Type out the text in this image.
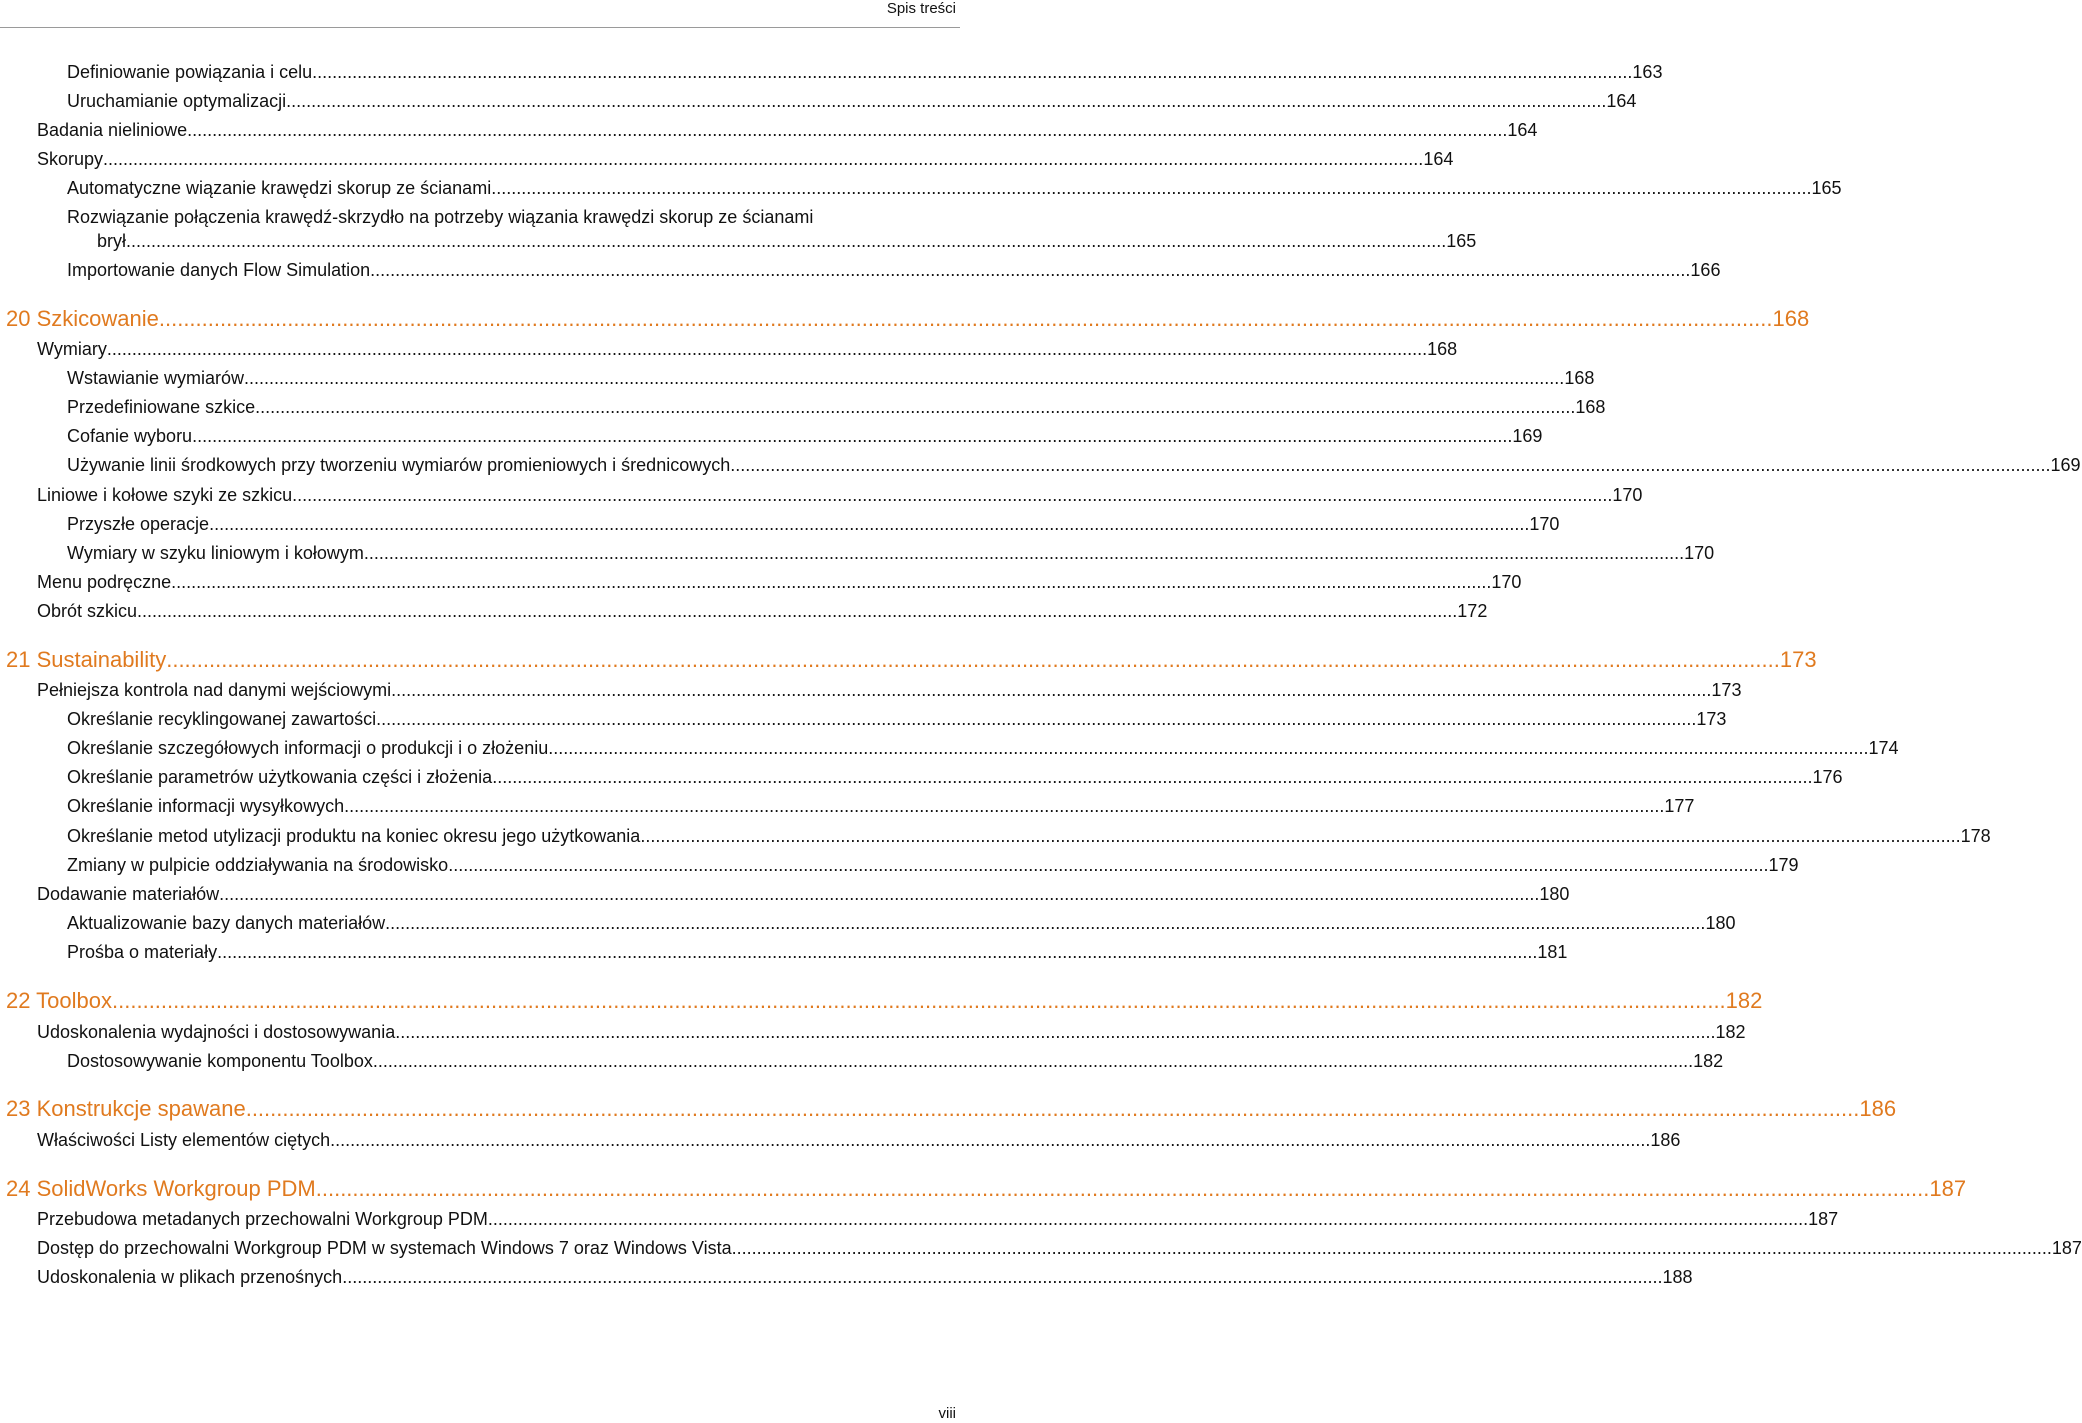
Spis treści
Definiowanie powiązania i celu .....	163
Uruchamianie optymalizacji .....	164
Badania nieliniowe .....	164
Skorupy .....	164
Automatyczne wiązanie krawędzi skorup ze ścianami .....	165
Rozwiązanie połączenia krawędź-skrzydło na potrzeby wiązania krawędzi skorup ze ścianami
brył .....	165
Importowanie danych Flow Simulation .....	166
20 Szkicowanie .....	168
Wymiary .....	168
Wstawianie wymiarów .....	168
Przedefiniowane szkice .....	168
Cofanie wyboru .....	169
Używanie linii środkowych przy tworzeniu wymiarów promieniowych i średnicowych .....	169
Liniowe i kołowe szyki ze szkicu .....	170
Przyszłe operacje .....	170
Wymiary w szyku liniowym i kołowym .....	170
Menu podręczne .....	170
Obrót szkicu .....	172
21 Sustainability .....	173
Pełniejsza kontrola nad danymi wejściowymi .....	173
Określanie recyklingowanej zawartości .....	173
Określanie szczegółowych informacji o produkcji i o złożeniu .....	174
Określanie parametrów użytkowania części i złożenia .....	176
Określanie informacji wysyłkowych .....	177
Określanie metod utylizacji produktu na koniec okresu jego użytkowania .....	178
Zmiany w pulpicie oddziaływania na środowisko .....	179
Dodawanie materiałów .....	180
Aktualizowanie bazy danych materiałów .....	180
Prośba o materiały .....	181
22 Toolbox .....	182
Udoskonalenia wydajności i dostosowywania .....	182
Dostosowywanie komponentu Toolbox .....	182
23 Konstrukcje spawane .....	186
Właściwości Listy elementów ciętych .....	186
24 SolidWorks Workgroup PDM .....	187
Przebudowa metadanych przechowalni Workgroup PDM .....	187
Dostęp do przechowalni Workgroup PDM w systemach Windows 7 oraz Windows Vista .....	187
Udoskonalenia w plikach przenośnych .....	188
viii
